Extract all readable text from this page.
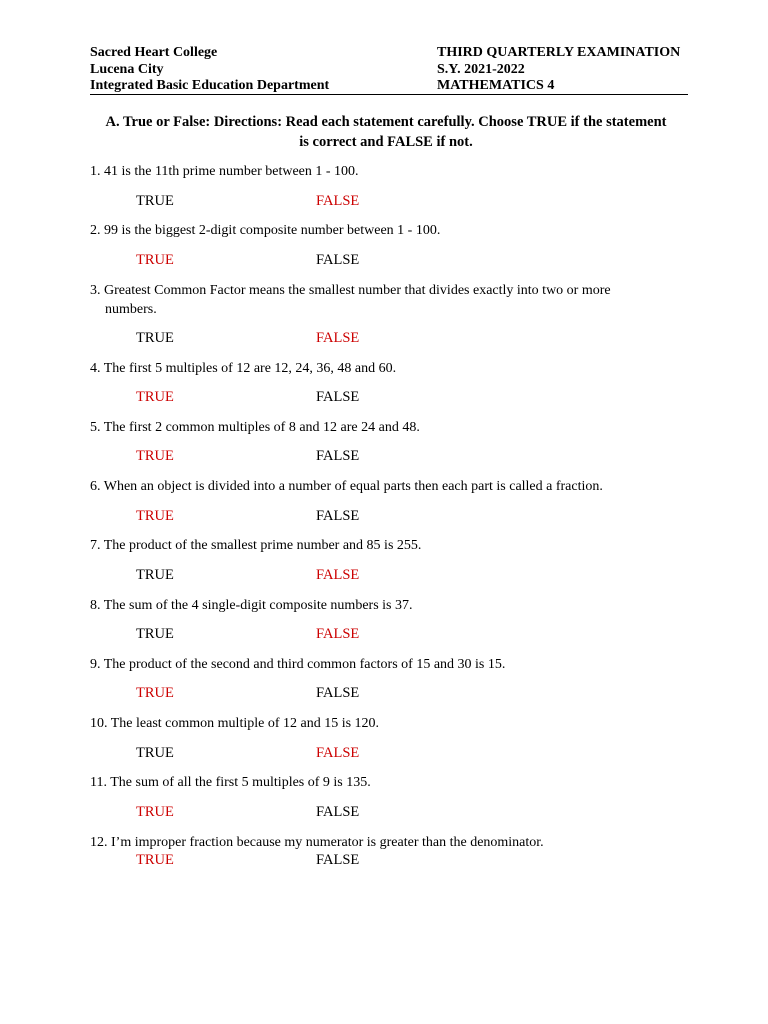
Sacred Heart College
Lucena City
Integrated Basic Education Department
THIRD QUARTERLY EXAMINATION
S.Y. 2021-2022
MATHEMATICS 4
A. True or False: Directions: Read each statement carefully. Choose TRUE if the statement
is correct and FALSE if not.
1. 41 is the 11th prime number between 1 - 100.
TRUE	FALSE
2. 99 is the biggest 2-digit composite number between 1 - 100.
TRUE	FALSE
3. Greatest Common Factor means the smallest number that divides exactly into two or more
numbers.
TRUE	FALSE
4. The first 5 multiples of 12 are 12, 24, 36, 48 and 60.
TRUE	FALSE
5. The first 2 common multiples of 8 and 12 are 24 and 48.
TRUE	FALSE
6. When an object is divided into a number of equal parts then each part is called a fraction.
TRUE	FALSE
7. The product of the smallest prime number and 85 is 255.
TRUE	FALSE
8. The sum of the 4 single-digit composite numbers is 37.
TRUE	FALSE
9. The product of the second and third common factors of 15 and 30 is 15.
TRUE	FALSE
10. The least common multiple of 12 and 15 is 120.
TRUE	FALSE
11. The sum of all the first 5 multiples of 9 is 135.
TRUE	FALSE
12. I’m improper fraction because my numerator is greater than the denominator.
TRUE	FALSE
